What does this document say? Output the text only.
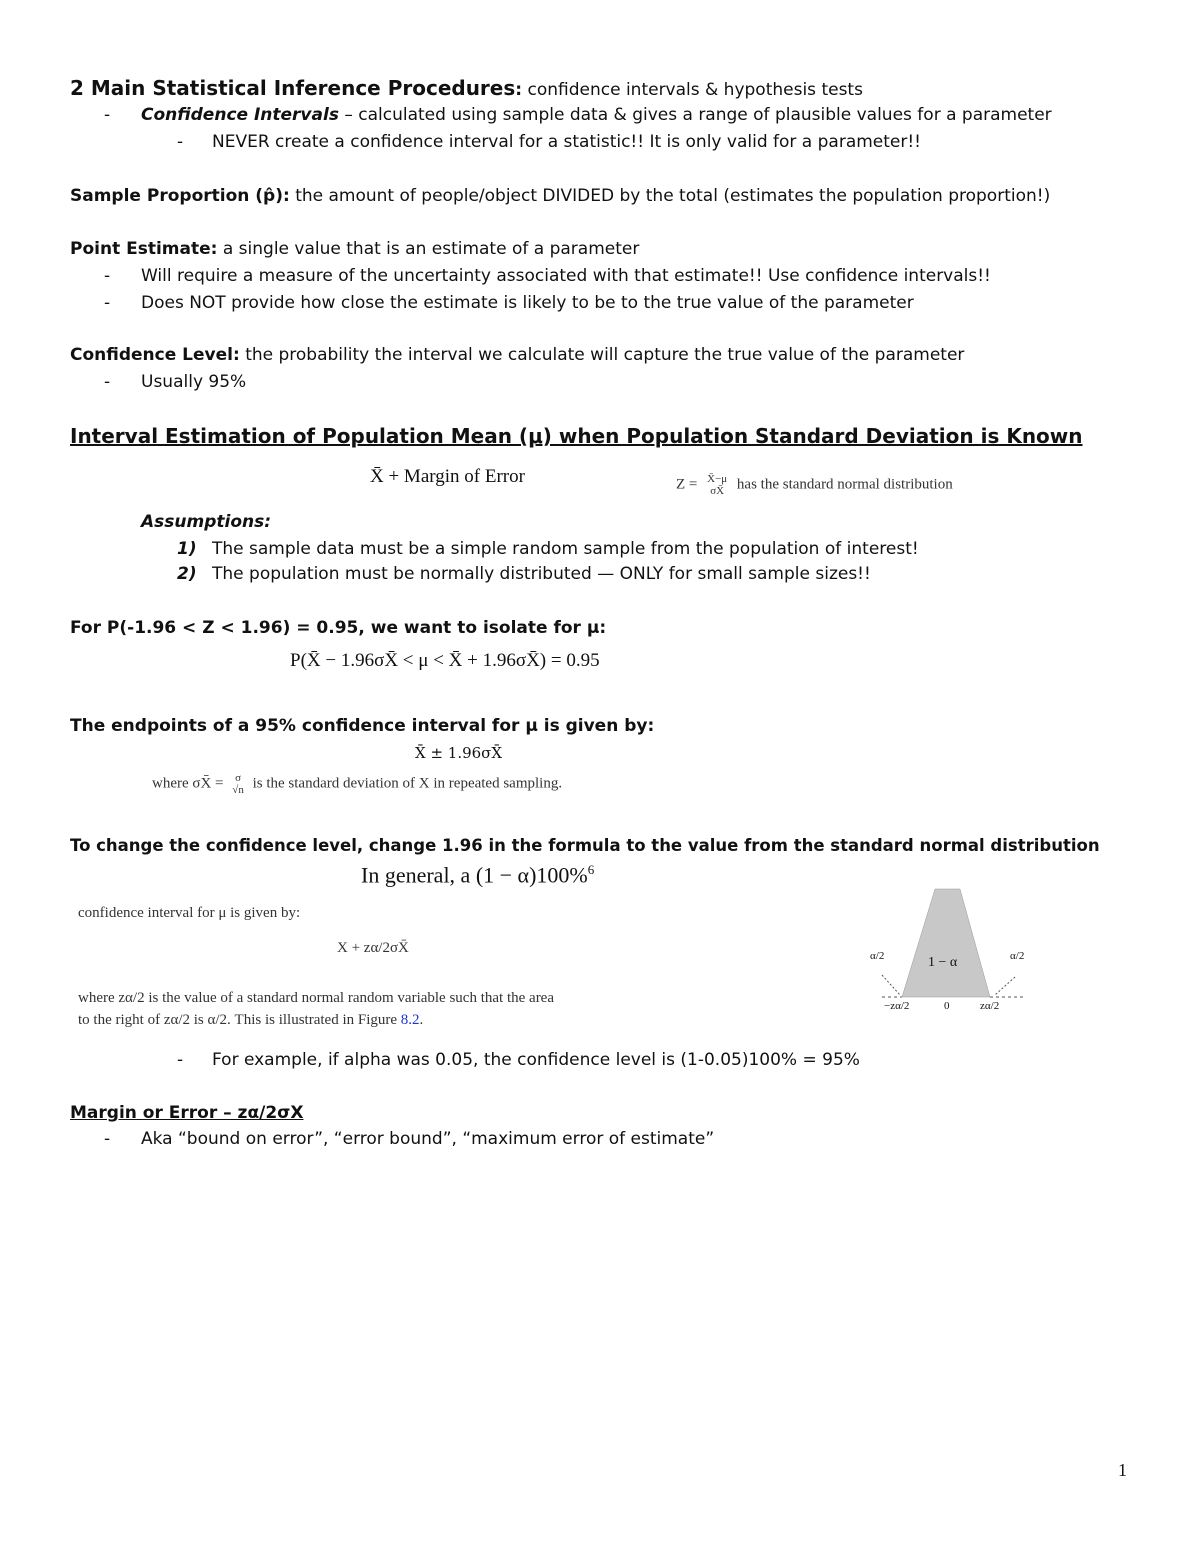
2 Main Statistical Inference Procedures: confidence intervals & hypothesis tests
- Confidence Intervals – calculated using sample data & gives a range of plausible values for a parameter
- NEVER create a confidence interval for a statistic!! It is only valid for a parameter!!
Sample Proportion (p̂): the amount of people/object DIVIDED by the total (estimates the population proportion!)
Point Estimate: a single value that is an estimate of a parameter
- Will require a measure of the uncertainty associated with that estimate!! Use confidence intervals!!
- Does NOT provide how close the estimate is likely to be to the true value of the parameter
Confidence Level: the probability the interval we calculate will capture the true value of the parameter
- Usually 95%
Interval Estimation of Population Mean (μ) when Population Standard Deviation is Known
X̄ + Margin of Error	Z = X̄−μ
σX̄ has the standard normal distribution
Assumptions:
1) The sample data must be a simple random sample from the population of interest!
2) The population must be normally distributed — ONLY for small sample sizes!!
For P(-1.96 < Z < 1.96) = 0.95, we want to isolate for μ:
P(X̄ − 1.96σX̄ < μ < X̄ + 1.96σX̄) = 0.95
The endpoints of a 95% confidence interval for μ is given by:
X̄ ± 1.96σX̄
where σX̄ = σ
√n is the standard deviation of X in repeated sampling.
To change the confidence level, change 1.96 in the formula to the value from the standard normal distribution
In general, a (1 − α)100%$^6$
confidence interval for μ is given by:
X + zα/2σX̄
where zα/2 is the value of a standard normal random variable such that the area
to the right of zα/2 is α/2. This is illustrated in Figure 8.2.
1 − α
α/2	α/2
−zα/2	0	zα/2
- For example, if alpha was 0.05, the confidence level is (1-0.05)100% = 95%
Margin or Error – zα/2σX
- Aka “bound on error”, “error bound”, “maximum error of estimate”
1
